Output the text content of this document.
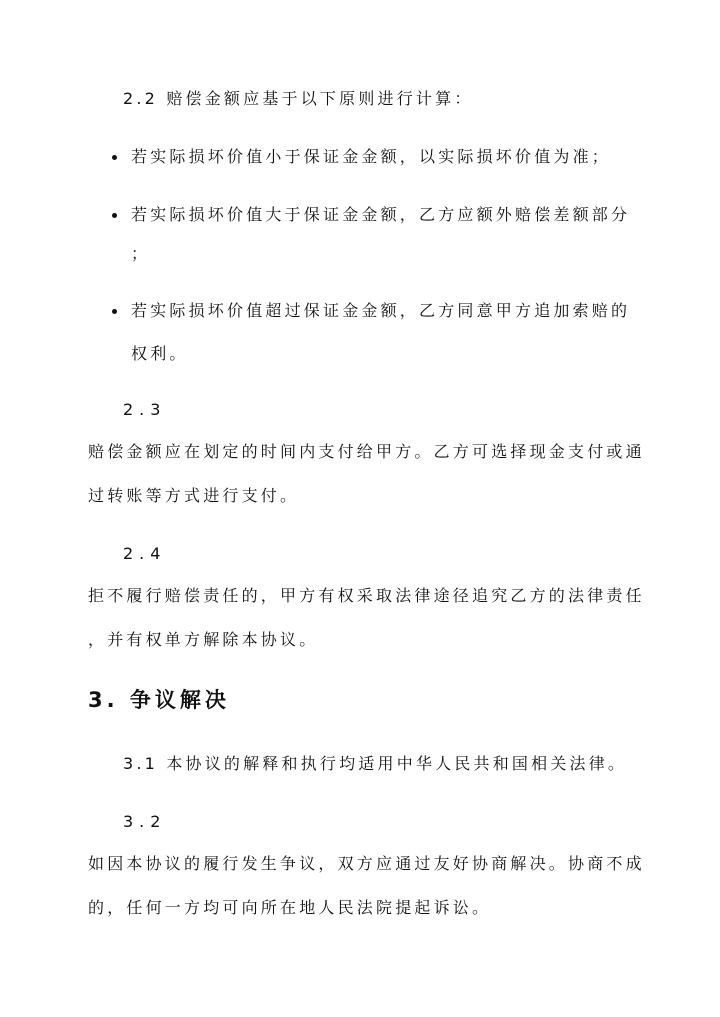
2.2 赔偿金额应基于以下原则进行计算：
若实际损坏价值小于保证金金额，以实际损坏价值为准；
若实际损坏价值大于保证金金额，乙方应额外赔偿差额部分
；
若实际损坏价值超过保证金金额，乙方同意甲方追加索赔的
权利。
2.3
赔偿金额应在划定的时间内支付给甲方。乙方可选择现金支付或通
过转账等方式进行支付。
2.4
拒不履行赔偿责任的，甲方有权采取法律途径追究乙方的法律责任
，并有权单方解除本协议。
3. 争议解决
3.1 本协议的解释和执行均适用中华人民共和国相关法律。
3.2
如因本协议的履行发生争议，双方应通过友好协商解决。协商不成
的，任何一方均可向所在地人民法院提起诉讼。
